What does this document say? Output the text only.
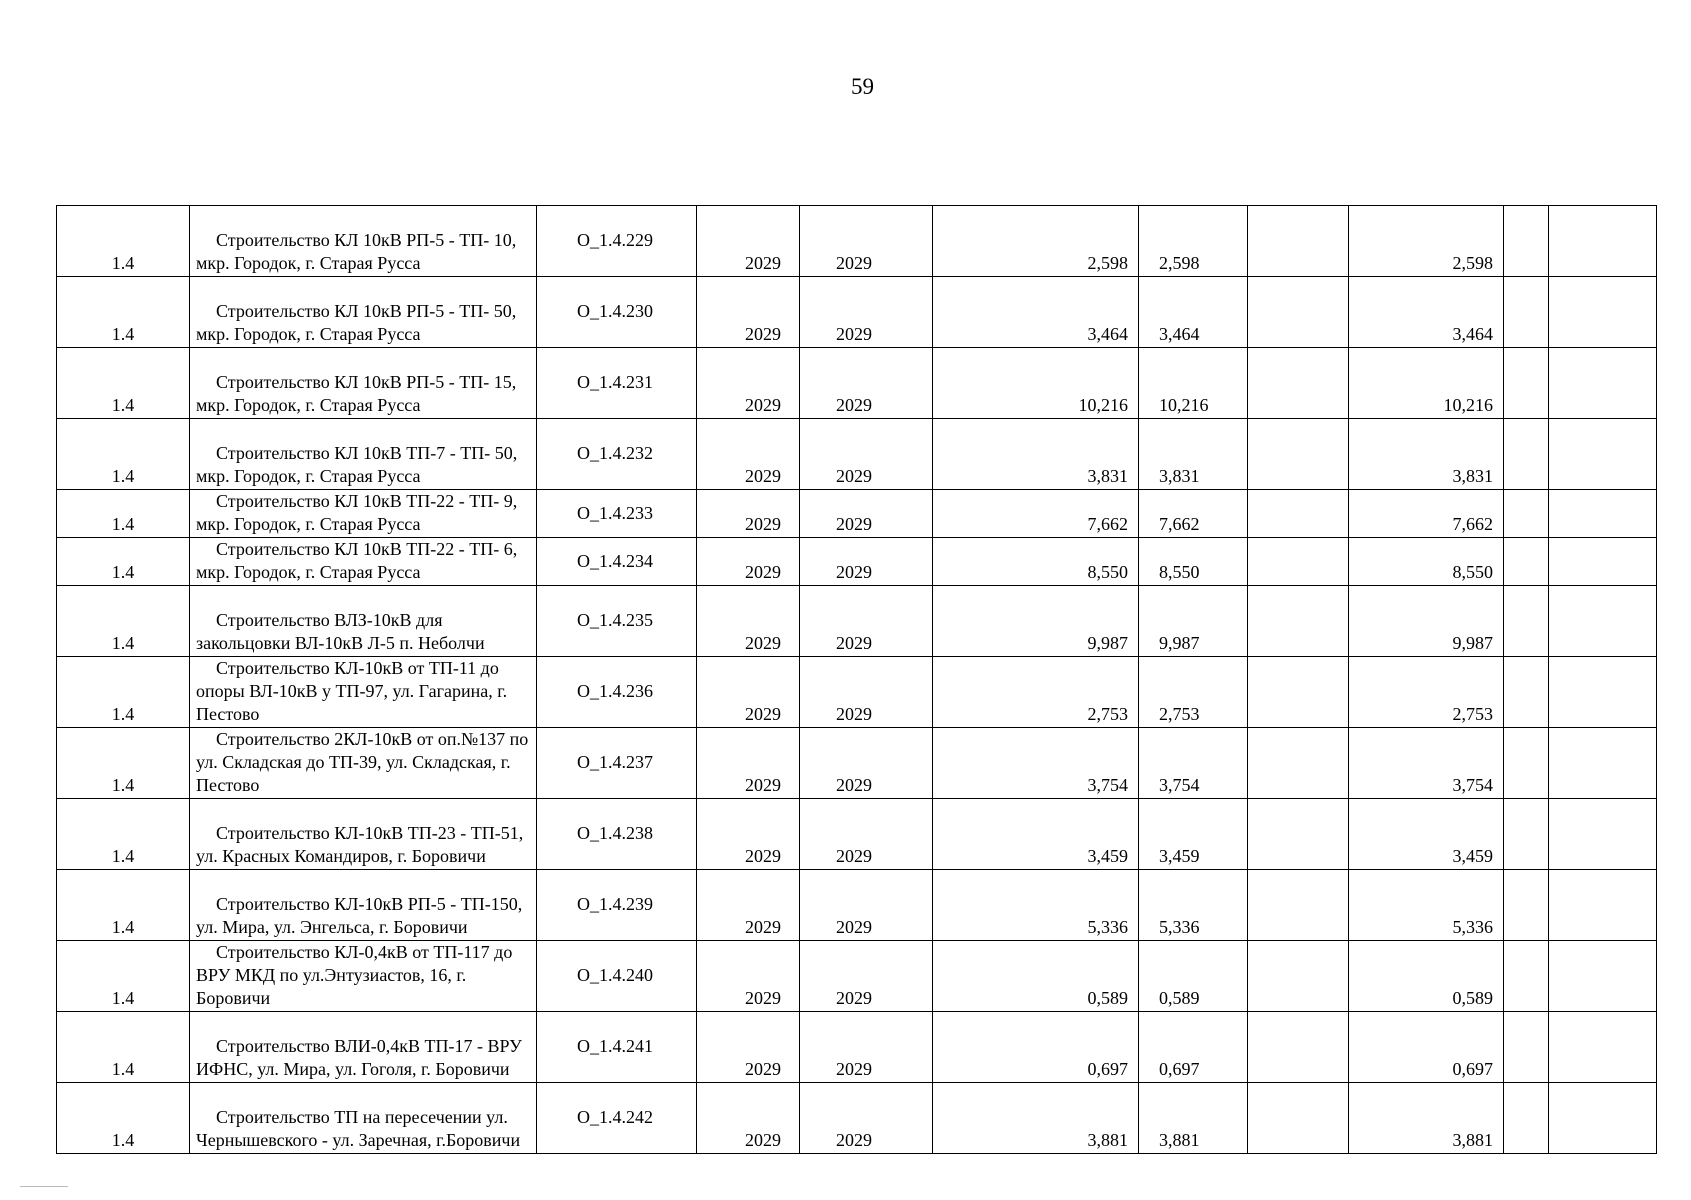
59
1.4	Строительство КЛ 10кВ РП-5 - ТП- 10, мкр. Городок, г. Старая Русса	О_1.4.229	2029	2029	2,598	2,598		2,598		
1.4	Строительство КЛ 10кВ РП-5 - ТП- 50, мкр. Городок, г. Старая Русса	О_1.4.230	2029	2029	3,464	3,464		3,464		
1.4	Строительство КЛ 10кВ РП-5 - ТП- 15, мкр. Городок, г. Старая Русса	О_1.4.231	2029	2029	10,216	10,216		10,216		
1.4	Строительство КЛ 10кВ ТП-7 - ТП- 50, мкр. Городок, г. Старая Русса	О_1.4.232	2029	2029	3,831	3,831		3,831		
1.4	Строительство КЛ 10кВ ТП-22 - ТП- 9, мкр. Городок, г. Старая Русса	О_1.4.233	2029	2029	7,662	7,662		7,662		
1.4	Строительство КЛ 10кВ ТП-22 - ТП- 6, мкр. Городок, г. Старая Русса	О_1.4.234	2029	2029	8,550	8,550		8,550		
1.4	Строительство ВЛЗ-10кВ для закольцовки ВЛ-10кВ Л-5 п. Неболчи	О_1.4.235	2029	2029	9,987	9,987		9,987		
1.4	Строительство КЛ-10кВ от ТП-11 до опоры ВЛ-10кВ у ТП-97, ул. Гагарина, г. Пестово	О_1.4.236	2029	2029	2,753	2,753		2,753		
1.4	Строительство 2КЛ-10кВ от оп.№137 по ул. Складская до ТП-39, ул. Складская, г. Пестово	О_1.4.237	2029	2029	3,754	3,754		3,754		
1.4	Строительство КЛ-10кВ ТП-23 - ТП-51, ул. Красных Командиров, г. Боровичи	О_1.4.238	2029	2029	3,459	3,459		3,459		
1.4	Строительство КЛ-10кВ РП-5 - ТП-150, ул. Мира, ул. Энгельса, г. Боровичи	О_1.4.239	2029	2029	5,336	5,336		5,336		
1.4	Строительство КЛ-0,4кВ от ТП-117 до ВРУ МКД по ул.Энтузиастов, 16, г. Боровичи	О_1.4.240	2029	2029	0,589	0,589		0,589		
1.4	Строительство ВЛИ-0,4кВ ТП-17 - ВРУ ИФНС, ул. Мира, ул. Гоголя, г. Боровичи	О_1.4.241	2029	2029	0,697	0,697		0,697		
1.4	Строительство ТП на пересечении ул. Чернышевского - ул. Заречная, г.Боровичи	О_1.4.242	2029	2029	3,881	3,881		3,881		
